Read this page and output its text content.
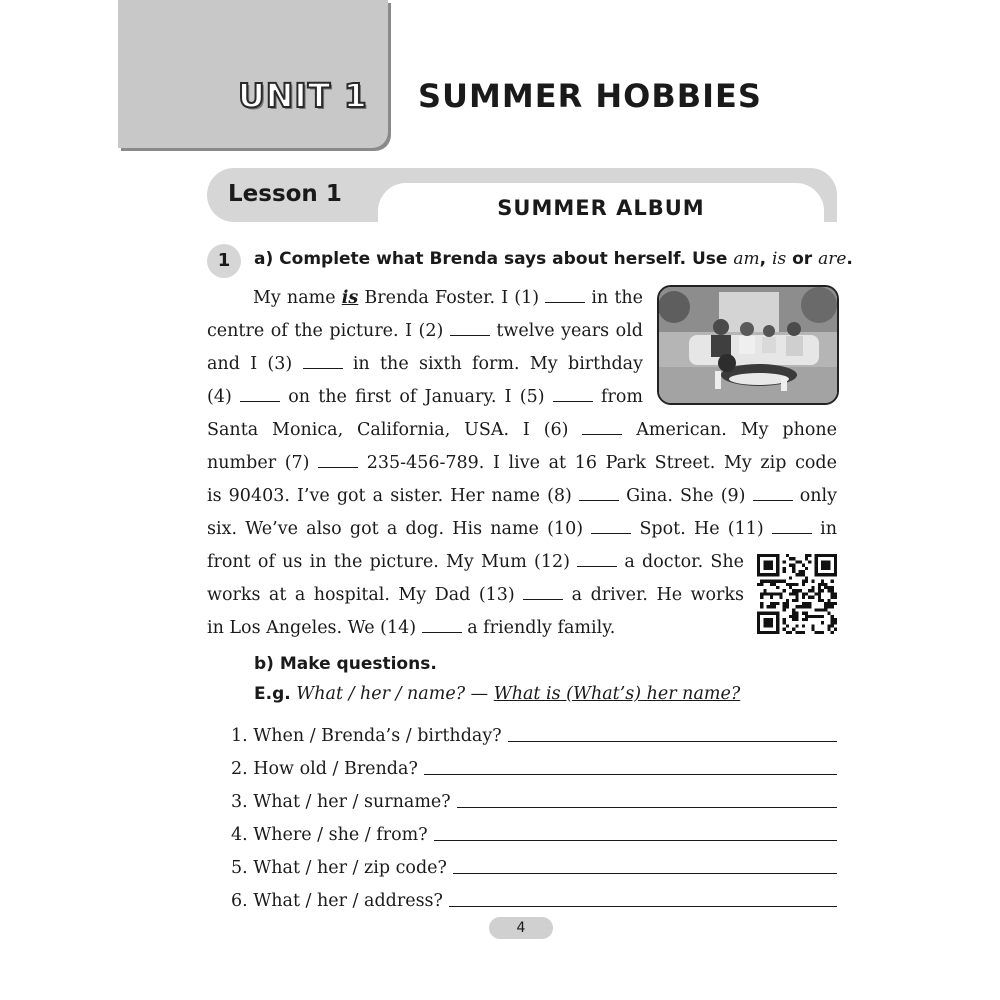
UNIT 1 SUMMER HOBBIES
Lesson 1
SUMMER ALBUM
1	a) Complete what Brenda says about herself. Use am, is or are.
My name is Brenda Foster. I (1)  in the
centre of the picture. I (2)  twelve years old
and I (3)  in the sixth form. My birthday
(4)  on the first of January. I (5)  from
Santa Monica, California, USA. I (6)  American. My phone
number (7)  235-456-789. I live at 16 Park Street. My zip code
is 90403. I’ve got a sister. Her name (8)  Gina. She (9)  only
six. We’ve also got a dog. His name (10)  Spot. He (11)  in
front of us in the picture. My Mum (12)  a doctor. She
works at a hospital. My Dad (13)  a driver. He works
in Los Angeles. We (14)  a friendly family.
b) Make questions.
E.g. What / her / name? — What is (What’s) her name?
1. When / Brenda’s / birthday?
2. How old / Brenda?
3. What / her / surname?
4. Where / she / from?
5. What / her / zip code?
6. What / her / address?
4
